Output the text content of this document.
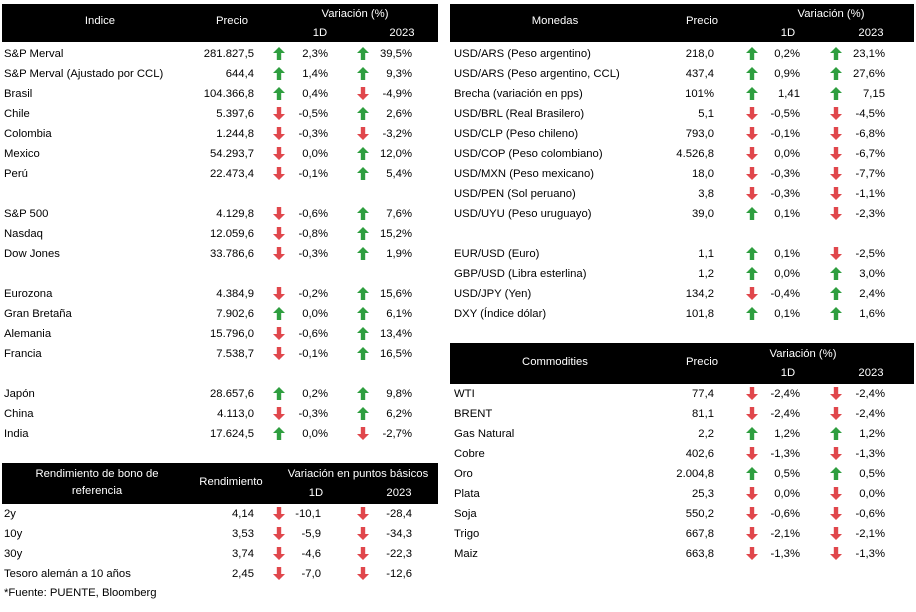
Indice	Precio
Variación (%)
1D	2023
S&P Merval	281.827,5	2,3%	39,5%
S&P Merval (Ajustado por CCL)	644,4	1,4%	9,3%
Brasil	104.366,8	0,4%	-4,9%
Chile	5.397,6	-0,5%	2,6%
Colombia	1.244,8	-0,3%	-3,2%
Mexico	54.293,7	0,0%	12,0%
Perú	22.473,4	-0,1%	5,4%
S&P 500	4.129,8	-0,6%	7,6%
Nasdaq	12.059,6	-0,8%	15,2%
Dow Jones	33.786,6	-0,3%	1,9%
Eurozona	4.384,9	-0,2%	15,6%
Gran Bretaña	7.902,6	0,0%	6,1%
Alemania	15.796,0	-0,6%	13,4%
Francia	7.538,7	-0,1%	16,5%
Japón	28.657,6	0,2%	9,8%
China	4.113,0	-0,3%	6,2%
India	17.624,5	0,0%	-2,7%
Rendimiento de bono de
referencia
Rendimiento
Variación en puntos básicos
1D	2023
2y	4,14	-10,1	-28,4
10y	3,53	-5,9	-34,3
30y	3,74	-4,6	-22,3
Tesoro alemán a 10 años	2,45	-7,0	-12,6
*Fuente: PUENTE, Bloomberg
Monedas	Precio
Variación (%)
1D	2023
USD/ARS (Peso argentino)	218,0	0,2%	23,1%
USD/ARS (Peso argentino, CCL)	437,4	0,9%	27,6%
Brecha (variación en pps)	101%	1,41	7,15
USD/BRL (Real Brasilero)	5,1	-0,5%	-4,5%
USD/CLP (Peso chileno)	793,0	-0,1%	-6,8%
USD/COP (Peso colombiano)	4.526,8	0,0%	-6,7%
USD/MXN (Peso mexicano)	18,0	-0,3%	-7,7%
USD/PEN (Sol peruano)	3,8	-0,3%	-1,1%
USD/UYU (Peso uruguayo)	39,0	0,1%	-2,3%
EUR/USD (Euro)	1,1	0,1%	-2,5%
GBP/USD (Libra esterlina)	1,2	0,0%	3,0%
USD/JPY (Yen)	134,2	-0,4%	2,4%
DXY (Índice dólar)	101,8	0,1%	1,6%
Commodities	Precio
Variación (%)
1D	2023
WTI	77,4	-2,4%	-2,4%
BRENT	81,1	-2,4%	-2,4%
Gas Natural	2,2	1,2%	1,2%
Cobre	402,6	-1,3%	-1,3%
Oro	2.004,8	0,5%	0,5%
Plata	25,3	0,0%	0,0%
Soja	550,2	-0,6%	-0,6%
Trigo	667,8	-2,1%	-2,1%
Maiz	663,8	-1,3%	-1,3%
